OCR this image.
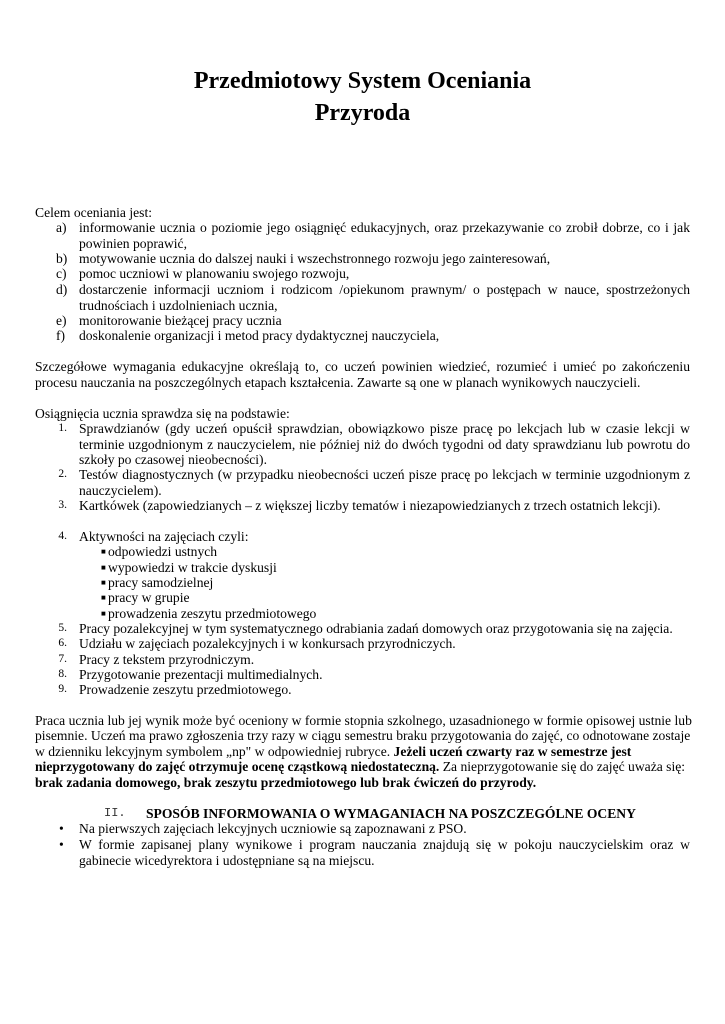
Przedmiotowy System Oceniania
Przyroda
Celem oceniania jest:
a) informowanie ucznia o poziomie jego osiągnięć edukacyjnych, oraz przekazywanie co zrobił dobrze, co i jak powinien poprawić,
b) motywowanie ucznia do dalszej nauki i wszechstronnego rozwoju jego zainteresowań,
c) pomoc uczniowi w planowaniu swojego rozwoju,
d) dostarczenie informacji uczniom i rodzicom /opiekunom prawnym/ o postępach w nauce, spostrzeżonych trudnościach i uzdolnieniach ucznia,
e) monitorowanie bieżącej pracy ucznia
f) doskonalenie organizacji i metod pracy dydaktycznej nauczyciela,
Szczegółowe wymagania edukacyjne określają to, co uczeń powinien wiedzieć, rozumieć i umieć po zakończeniu procesu nauczania na poszczególnych etapach kształcenia. Zawarte są one w planach wynikowych nauczycieli.
Osiągnięcia ucznia sprawdza się na podstawie:
1. Sprawdzianów (gdy uczeń opuścił sprawdzian, obowiązkowo pisze pracę po lekcjach lub w czasie lekcji w terminie uzgodnionym z nauczycielem, nie później niż do dwóch tygodni od daty sprawdzianu lub powrotu do szkoły po czasowej nieobecności).
2. Testów diagnostycznych (w przypadku nieobecności uczeń pisze pracę po lekcjach w terminie uzgodnionym z nauczycielem).
3. Kartkówek (zapowiedzianych – z większej liczby tematów i niezapowiedzianych z trzech ostatnich lekcji).
4. Aktywności na zajęciach czyli:
■ odpowiedzi ustnych
■ wypowiedzi w trakcie dyskusji
■ pracy samodzielnej
■ pracy w grupie
■ prowadzenia zeszytu przedmiotowego
5. Pracy pozalekcyjnej w tym systematycznego odrabiania zadań domowych oraz przygotowania się na zajęcia.
6. Udziału w zajęciach pozalekcyjnych i w konkursach przyrodniczych.
7. Pracy z tekstem przyrodniczym.
8. Przygotowanie prezentacji multimedialnych.
9. Prowadzenie zeszytu przedmiotowego.
Praca ucznia lub jej wynik może być oceniony w formie stopnia szkolnego, uzasadnionego w formie opisowej ustnie lub
pisemnie. Uczeń ma prawo zgłoszenia trzy razy w ciągu semestru braku przygotowania do zajęć, co odnotowane zostaje
w dzienniku lekcyjnym symbolem „np" w odpowiedniej rubryce. Jeżeli uczeń czwarty raz w semestrze jest
nieprzygotowany do zajęć otrzymuje ocenę cząstkową niedostateczną. Za nieprzygotowanie się do zajęć uważa się:
brak zadania domowego, brak zeszytu przedmiotowego lub brak ćwiczeń do przyrody.
II. SPOSÓB INFORMOWANIA O WYMAGANIACH NA POSZCZEGÓLNE OCENY
• Na pierwszych zajęciach lekcyjnych uczniowie są zapoznawani z PSO.
• W formie zapisanej plany wynikowe i program nauczania znajdują się w pokoju nauczycielskim oraz w gabinecie wicedyrektora i udostępniane są na miejscu.
